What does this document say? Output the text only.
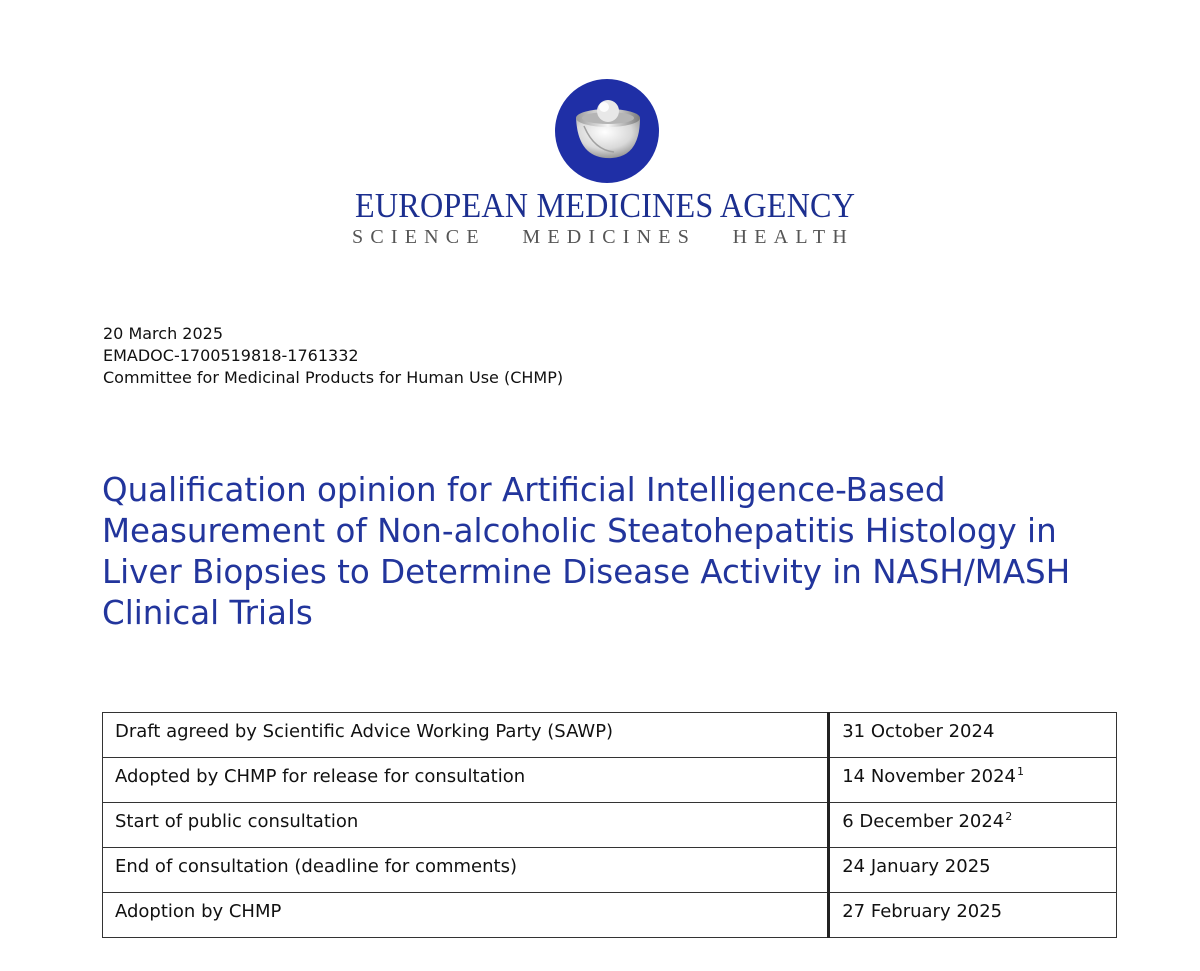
EUROPEAN MEDICINES AGENCY
SCIENCE   MEDICINES   HEALTH
20 March 2025
EMADOC-1700519818-1761332
Committee for Medicinal Products for Human Use (CHMP)
Qualification opinion for Artificial Intelligence-Based Measurement of Non-alcoholic Steatohepatitis Histology in Liver Biopsies to Determine Disease Activity in NASH/MASH Clinical Trials
Draft agreed by Scientific Advice Working Party (SAWP)	31 October 2024
Adopted by CHMP for release for consultation	14 November 2024$^1$
Start of public consultation	6 December 2024$^2$
End of consultation (deadline for comments)	24 January 2025
Adoption by CHMP	27 February 2025
